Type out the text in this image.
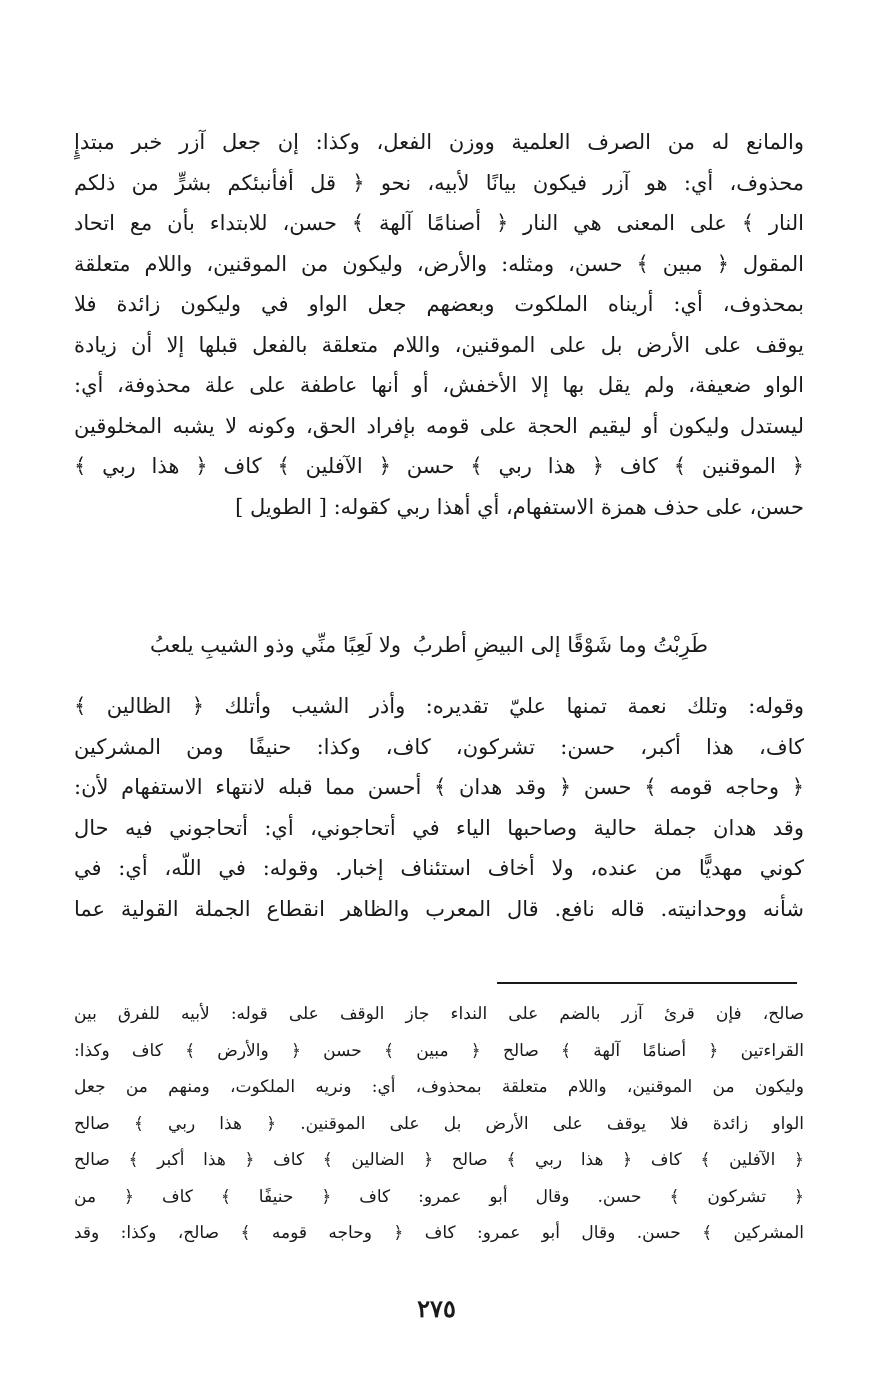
والمانع له من الصرف العلمية ووزن الفعل، وكذا: إن جعل آزر خبر مبتدإٍ
محذوف، أي: هو آزر فيكون بيانًا لأبيه، نحو ﴿ قل أفأنبئكم بشرٍّ من ذلكم
النار ﴾ على المعنى هي النار ﴿ أصنامًا آلهة ﴾ حسن، للابتداء بأن مع اتحاد
المقول ﴿ مبين ﴾ حسن، ومثله: والأرض، وليكون من الموقنين، واللام متعلقة
بمحذوف، أي: أريناه الملكوت وبعضهم جعل الواو في وليكون زائدة فلا
يوقف على الأرض بل على الموقنين، واللام متعلقة بالفعل قبلها إلا أن زيادة
الواو ضعيفة، ولم يقل بها إلا الأخفش، أو أنها عاطفة على علة محذوفة، أي:
ليستدل وليكون أو ليقيم الحجة على قومه بإفراد الحق، وكونه لا يشبه المخلوقين
﴿ الموقنين ﴾ كاف ﴿ هذا ربي ﴾ حسن ﴿ الآفلين ﴾ كاف ﴿ هذا ربي ﴾
حسن، على حذف همزة الاستفهام، أي أهذا ربي كقوله: [ الطويل ]
طَرِبْتُ وما شَوْقًا إلى البيضِ أطربُ
ولا لَعِبًا منِّي وذو الشيبِ يلعبُ
وقوله: وتلك نعمة تمنها عليّ تقديره: وأذر الشيب وأتلك ﴿ الظالين ﴾
كاف، هذا أكبر، حسن: تشركون، كاف، وكذا: حنيفًا ومن المشركين
﴿ وحاجه قومه ﴾ حسن ﴿ وقد هدان ﴾ أحسن مما قبله لانتهاء الاستفهام لأن:
وقد هدان جملة حالية وصاحبها الياء في أتحاجوني، أي: أتحاجوني فيه حال
كوني مهديًّا من عنده، ولا أخاف استئناف إخبار. وقوله: في اللّه، أي: في
شأنه ووحدانيته. قاله نافع. قال المعرب والظاهر انقطاع الجملة القولية عما
صالح، فإن قرئ آزر بالضم على النداء جاز الوقف على قوله: لأبيه للفرق بين
القراءتين ﴿ أصنامًا آلهة ﴾ صالح ﴿ مبين ﴾ حسن ﴿ والأرض ﴾ كاف وكذا:
وليكون من الموقنين، واللام متعلقة بمحذوف، أي: ونريه الملكوت، ومنهم من جعل
الواو زائدة فلا يوقف على الأرض بل على الموقنين. ﴿ هذا ربي ﴾ صالح
﴿ الآفلين ﴾ كاف ﴿ هذا ربي ﴾ صالح ﴿ الضالين ﴾ كاف ﴿ هذا أكبر ﴾ صالح
﴿ تشركون ﴾ حسن. وقال أبو عمرو: كاف ﴿ حنيفًا ﴾ كاف ﴿ من
المشركين ﴾ حسن. وقال أبو عمرو: كاف ﴿ وحاجه قومه ﴾ صالح، وكذا: وقد
٢٧٥
